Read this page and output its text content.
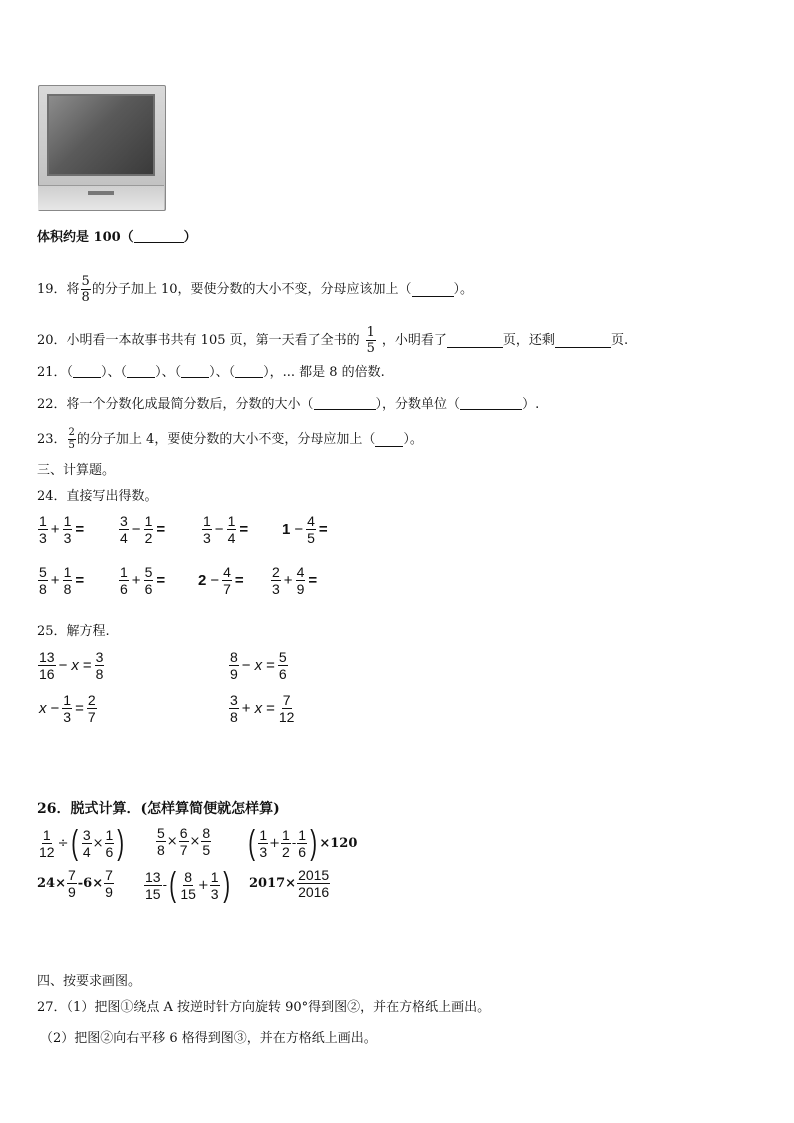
体积约是 100（	）
19．将 $\frac{5}{8}$ 的分子加上 10，要使分数的大小不变，分母应该加上（	）。
20．小明看一本故事书共有 105 页，第一天看了全书的 $\frac{1}{5}$ ，小明看了	页，还剩	页.
21．（ ）、（ ）、（ ）、（ ），... 都是 8 的倍数.
22．将一个分数化成最简分数后，分数的大小（	），分数单位（	）.
23． $\frac{2}{5}$ 的分子加上 4，要使分数的大小不变，分母应加上（ ）。
三、计算题。
24．直接写出得数。
$\frac{1}{3} + \frac{1}{3} = \frac{3}{4} - \frac{1}{2}$ =	$\frac{1}{3} - \frac{1}{4} = 1 - \frac{4}{5}$ =
$\frac{5}{8} + \frac{1}{8} = \frac{1}{6} + \frac{5}{6} = 2 - \frac{4}{7} = \frac{2}{3} + \frac{4}{9}$ =
25．解方程.
$\frac{13}{16} - x = \frac{3}{8}$	$\frac{8}{9} - x = \frac{5}{6}$
$x - \frac{1}{3} = \frac{2}{7}$	$\frac{3}{8} + x = \frac{7}{12}$
26．脱式计算．(怎样算简便就怎样算)
$\frac{1}{12}$ ÷ ( $\frac{3}{4} \times \frac{1}{6}$ ) $\frac{5}{8} \times \frac{6}{7} \times \frac{8}{5}$ ( $\frac{1}{3} + \frac{1}{2} - \frac{1}{6}$ ) ×120
$24\times \frac{7}{9} -6\times \frac{7}{9} \frac{13}{15}$ - ( $\frac{8}{15} + \frac{1}{3}$ ) $2017\times \frac{2015}{2016}$
四、按要求画图。
27．（1）把图①绕点 A 按逆时针方向旋转 90°得到图②，并在方格纸上画出。
（2）把图②向右平移 6 格得到图③，并在方格纸上画出。
